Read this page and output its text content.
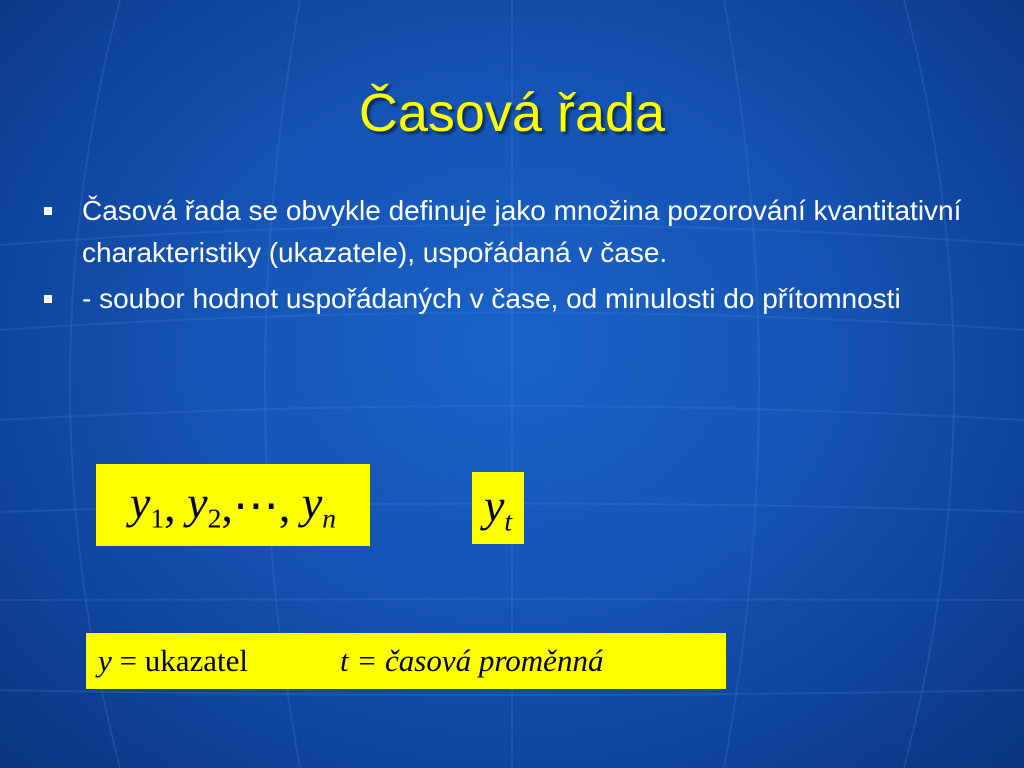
Časová řada
Časová řada se obvykle definuje jako množina pozorování kvantitativní charakteristiky (ukazatele), uspořádaná v čase.
- soubor hodnot uspořádaných v čase, od minulosti do přítomnosti
$y_1$ , $y_2$ , ⋯ , $y_n$	$y_t$
y = ukazatel	t = časová proměnná
